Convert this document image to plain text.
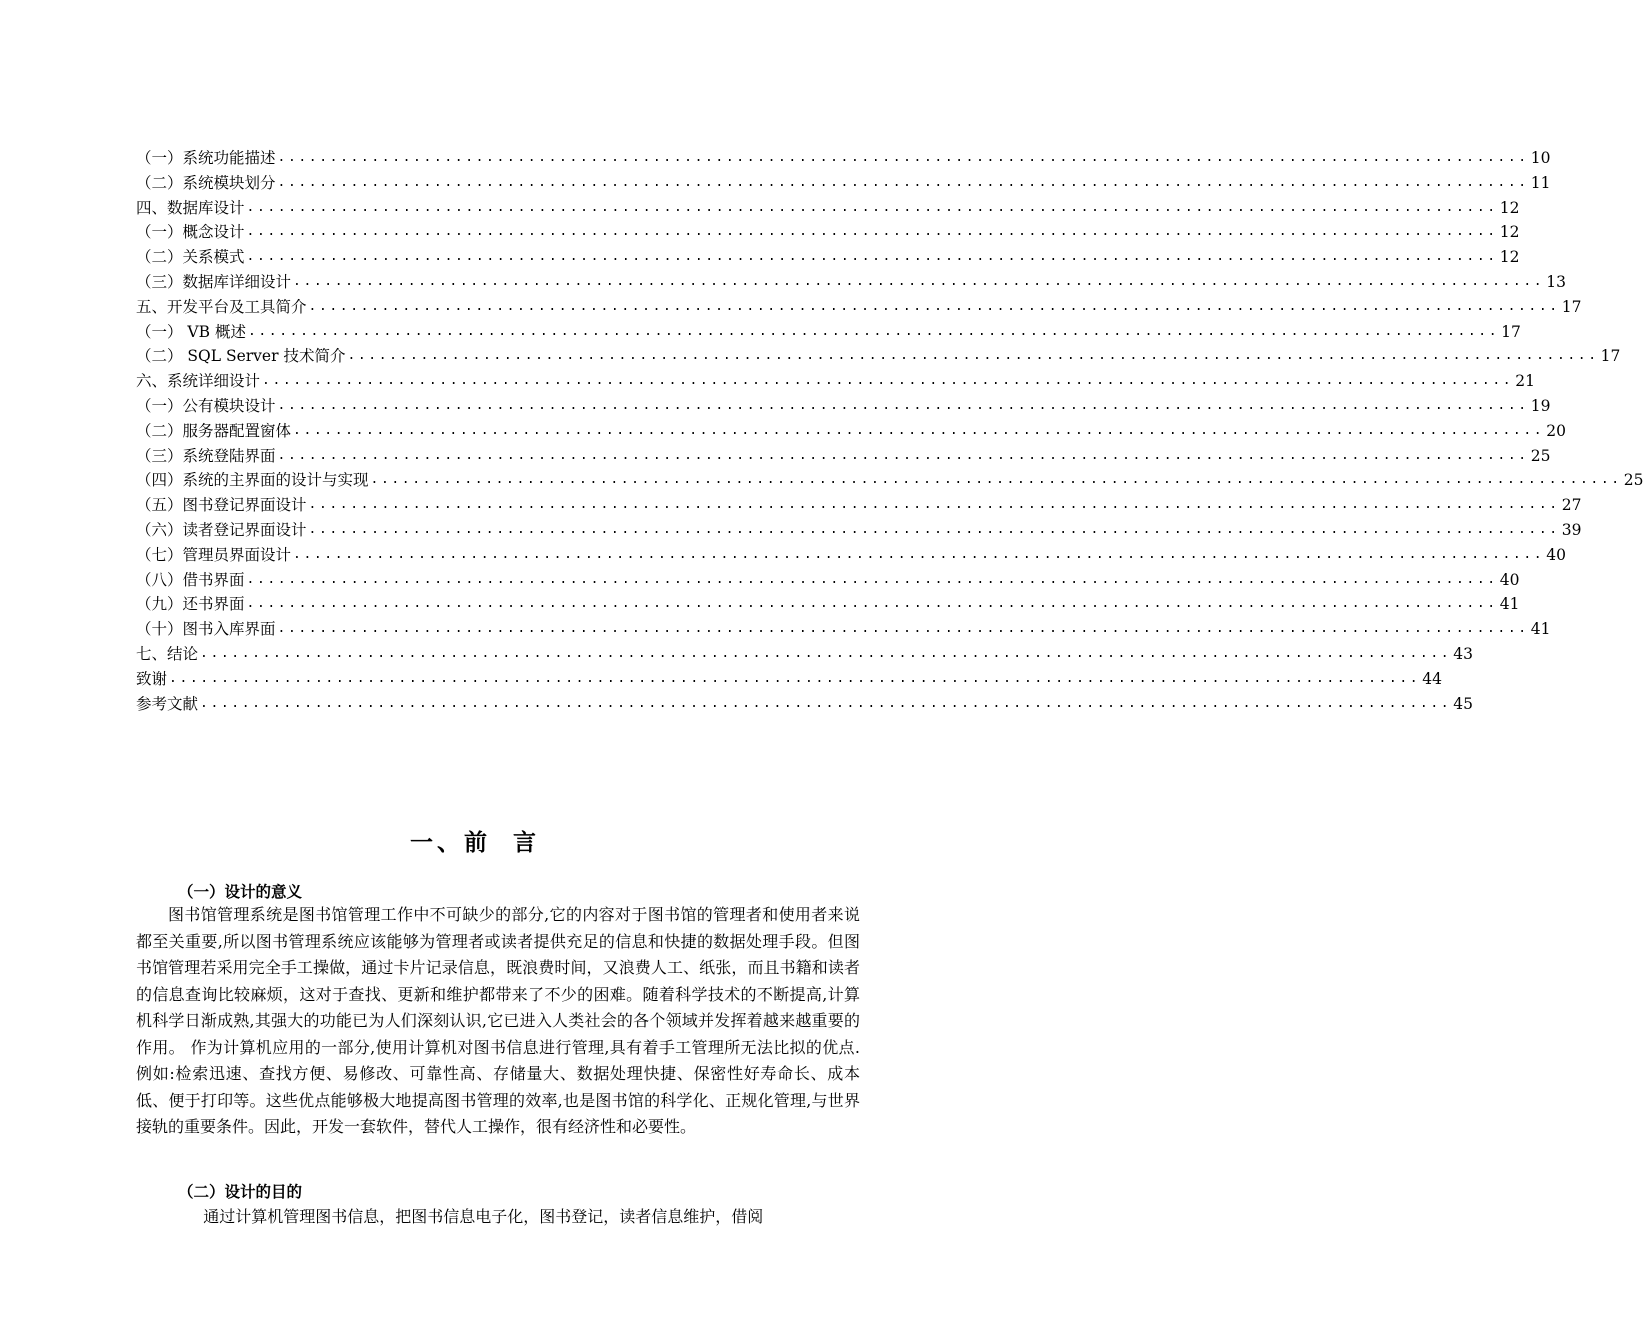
（一）系统功能描述 ........................................................................................................................ 10
（二）系统模块划分 ........................................................................................................................ 11
四、数据库设计 ........................................................................................................................ 12
（一）概念设计 ........................................................................................................................ 12
（二）关系模式 ........................................................................................................................ 12
（三）数据库详细设计 ........................................................................................................................ 13
五、开发平台及工具简介 ........................................................................................................................ 17
（一） VB 概述 ........................................................................................................................ 17
（二） SQL Server 技术简介 ........................................................................................................................ 17
六、系统详细设计 ........................................................................................................................ 21
（一）公有模块设计 ........................................................................................................................ 19
（二）服务器配置窗体 ........................................................................................................................ 20
（三）系统登陆界面 ........................................................................................................................ 25
（四）系统的主界面的设计与实现 ........................................................................................................................ 25
（五）图书登记界面设计 ........................................................................................................................ 27
（六）读者登记界面设计 ........................................................................................................................ 39
（七）管理员界面设计 ........................................................................................................................ 40
（八）借书界面 ........................................................................................................................ 40
（九）还书界面 ........................................................................................................................ 41
（十）图书入库界面 ........................................................................................................................ 41
七、结论 ........................................................................................................................ 43
致谢 ........................................................................................................................ 44
参考文献 ........................................................................................................................ 45
一、前 言
（一）设计的意义
图书馆管理系统是图书馆管理工作中不可缺少的部分,它的内容对于图书馆的管理者和使用者来说都至关重要,所以图书管理系统应该能够为管理者或读者提供充足的信息和快捷的数据处理手段。但图书馆管理若采用完全手工操做，通过卡片记录信息，既浪费时间，又浪费人工、纸张，而且书籍和读者的信息查询比较麻烦，这对于查找、更新和维护都带来了不少的困难。随着科学技术的不断提高,计算机科学日渐成熟,其强大的功能已为人们深刻认识,它已进入人类社会的各个领域并发挥着越来越重要的作用。 作为计算机应用的一部分,使用计算机对图书信息进行管理,具有着手工管理所无法比拟的优点.例如:检索迅速、查找方便、易修改、可靠性高、存储量大、数据处理快捷、保密性好寿命长、成本低、便于打印等。这些优点能够极大地提高图书管理的效率,也是图书馆的科学化、正规化管理,与世界接轨的重要条件。因此，开发一套软件，替代人工操作，很有经济性和必要性。
（二）设计的目的
通过计算机管理图书信息，把图书信息电子化，图书登记，读者信息维护，借阅
